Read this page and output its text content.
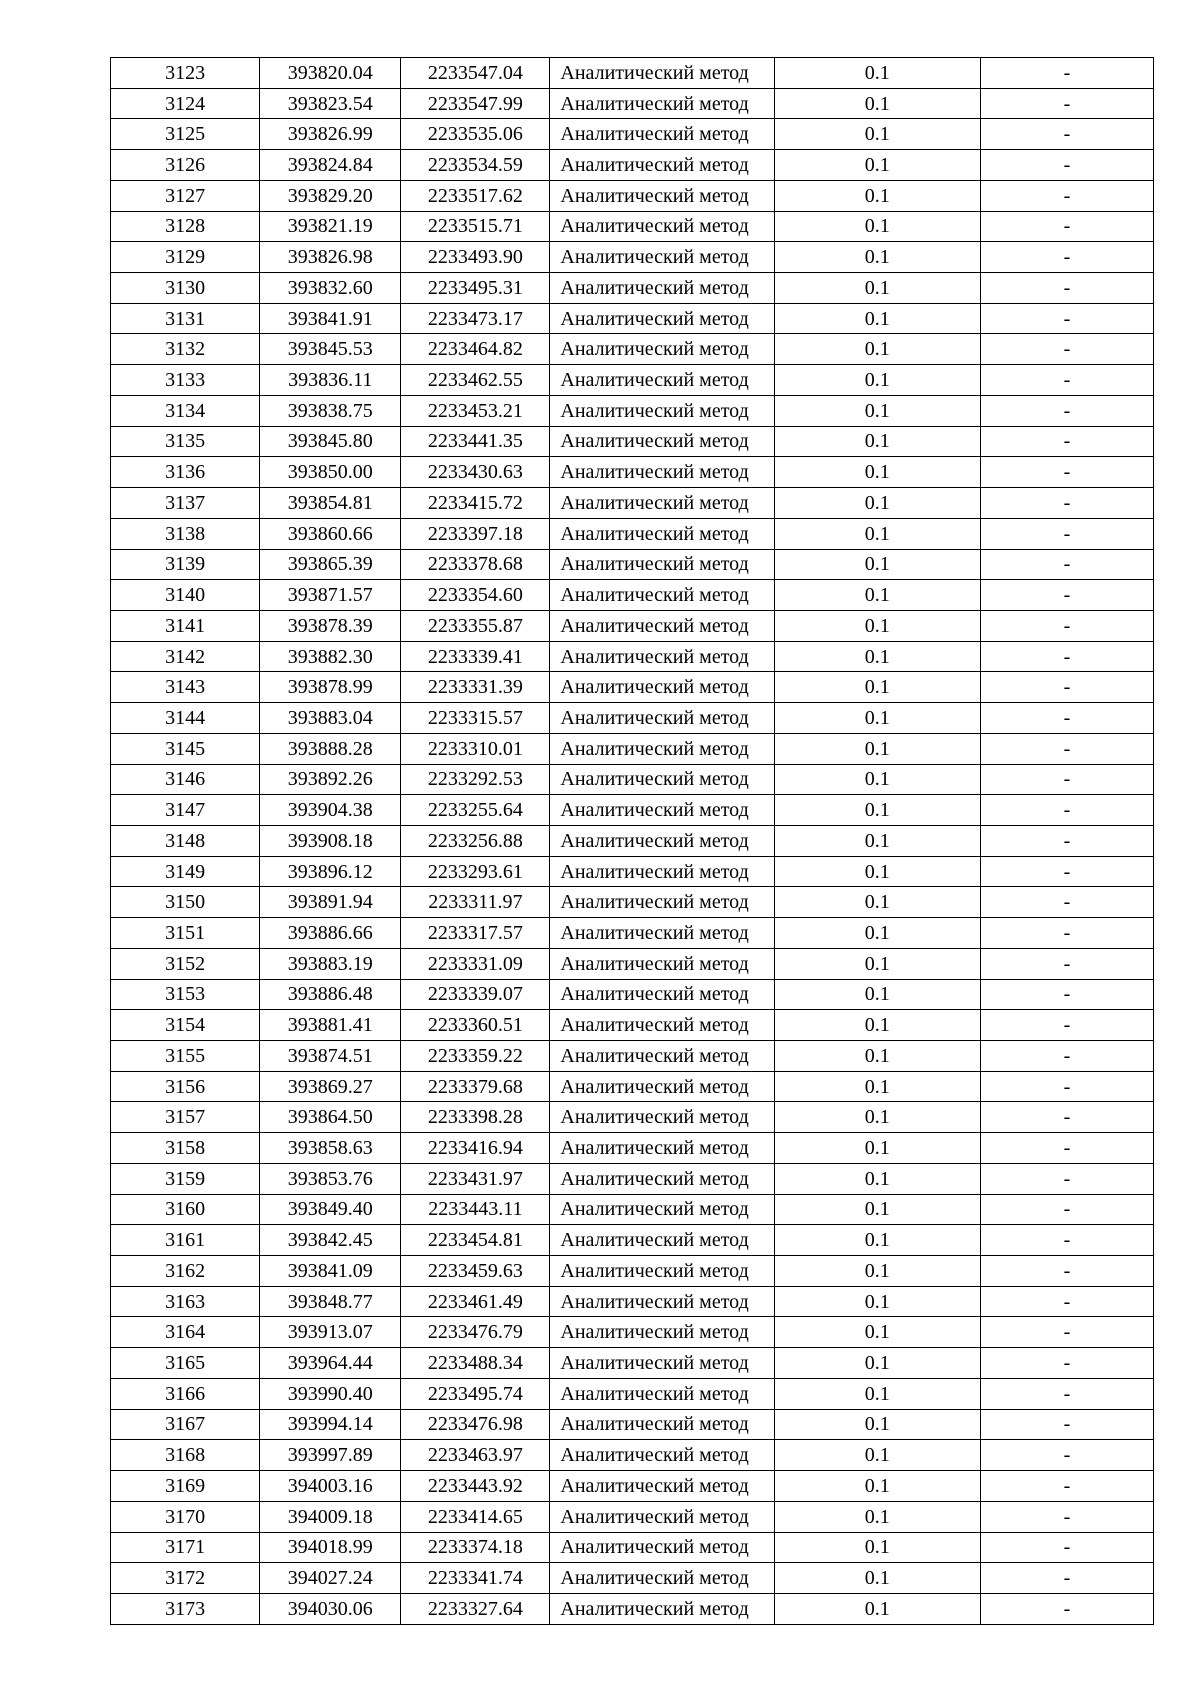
3123	393820.04	2233547.04	Аналитический метод	0.1	-
3124	393823.54	2233547.99	Аналитический метод	0.1	-
3125	393826.99	2233535.06	Аналитический метод	0.1	-
3126	393824.84	2233534.59	Аналитический метод	0.1	-
3127	393829.20	2233517.62	Аналитический метод	0.1	-
3128	393821.19	2233515.71	Аналитический метод	0.1	-
3129	393826.98	2233493.90	Аналитический метод	0.1	-
3130	393832.60	2233495.31	Аналитический метод	0.1	-
3131	393841.91	2233473.17	Аналитический метод	0.1	-
3132	393845.53	2233464.82	Аналитический метод	0.1	-
3133	393836.11	2233462.55	Аналитический метод	0.1	-
3134	393838.75	2233453.21	Аналитический метод	0.1	-
3135	393845.80	2233441.35	Аналитический метод	0.1	-
3136	393850.00	2233430.63	Аналитический метод	0.1	-
3137	393854.81	2233415.72	Аналитический метод	0.1	-
3138	393860.66	2233397.18	Аналитический метод	0.1	-
3139	393865.39	2233378.68	Аналитический метод	0.1	-
3140	393871.57	2233354.60	Аналитический метод	0.1	-
3141	393878.39	2233355.87	Аналитический метод	0.1	-
3142	393882.30	2233339.41	Аналитический метод	0.1	-
3143	393878.99	2233331.39	Аналитический метод	0.1	-
3144	393883.04	2233315.57	Аналитический метод	0.1	-
3145	393888.28	2233310.01	Аналитический метод	0.1	-
3146	393892.26	2233292.53	Аналитический метод	0.1	-
3147	393904.38	2233255.64	Аналитический метод	0.1	-
3148	393908.18	2233256.88	Аналитический метод	0.1	-
3149	393896.12	2233293.61	Аналитический метод	0.1	-
3150	393891.94	2233311.97	Аналитический метод	0.1	-
3151	393886.66	2233317.57	Аналитический метод	0.1	-
3152	393883.19	2233331.09	Аналитический метод	0.1	-
3153	393886.48	2233339.07	Аналитический метод	0.1	-
3154	393881.41	2233360.51	Аналитический метод	0.1	-
3155	393874.51	2233359.22	Аналитический метод	0.1	-
3156	393869.27	2233379.68	Аналитический метод	0.1	-
3157	393864.50	2233398.28	Аналитический метод	0.1	-
3158	393858.63	2233416.94	Аналитический метод	0.1	-
3159	393853.76	2233431.97	Аналитический метод	0.1	-
3160	393849.40	2233443.11	Аналитический метод	0.1	-
3161	393842.45	2233454.81	Аналитический метод	0.1	-
3162	393841.09	2233459.63	Аналитический метод	0.1	-
3163	393848.77	2233461.49	Аналитический метод	0.1	-
3164	393913.07	2233476.79	Аналитический метод	0.1	-
3165	393964.44	2233488.34	Аналитический метод	0.1	-
3166	393990.40	2233495.74	Аналитический метод	0.1	-
3167	393994.14	2233476.98	Аналитический метод	0.1	-
3168	393997.89	2233463.97	Аналитический метод	0.1	-
3169	394003.16	2233443.92	Аналитический метод	0.1	-
3170	394009.18	2233414.65	Аналитический метод	0.1	-
3171	394018.99	2233374.18	Аналитический метод	0.1	-
3172	394027.24	2233341.74	Аналитический метод	0.1	-
3173	394030.06	2233327.64	Аналитический метод	0.1	-
